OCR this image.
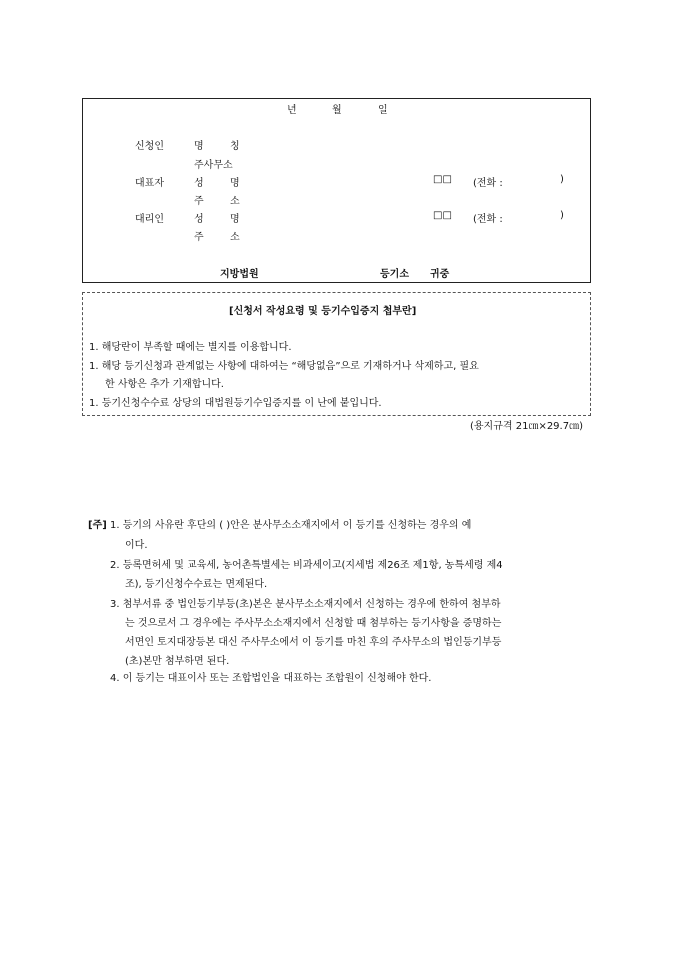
년	월	일
신청인	명	칭
주사무소
대표자	성	명	□□ (전화 :	)
주	소
대리인	성	명	□□ (전화 :	)
주	소
지방법원	등기소 귀중
[신청서 작성요령 및 등기수입증지 첩부란]
1. 해당란이 부족할 때에는 별지를 이용합니다.
1. 해당 등기신청과 관계없는 사항에 대하여는 “해당없음”으로 기재하거나 삭제하고, 필요
한 사항은 추가 기재합니다.
1. 등기신청수수료 상당의 대법원등기수입증지를 이 난에 붙입니다.
(용지규격 21㎝×29.7㎝)
[주] 1. 등기의 사유란 후단의 ( )안은 분사무소소재지에서 이 등기를 신청하는 경우의 예
이다.
2. 등록면허세 및 교육세, 농어촌특별세는 비과세이고(지세법 제26조 제1항, 농특세령 제4
조), 등기신청수수료는 면제된다.
3. 첨부서류 중 법인등기부등(초)본은 분사무소소재지에서 신청하는 경우에 한하여 첨부하
는 것으로서 그 경우에는 주사무소소재지에서 신청할 때 첨부하는 등기사항을 증명하는
서면인 토지대장등본 대신 주사무소에서 이 등기를 마친 후의 주사무소의 법인등기부등
(초)본만 첨부하면 된다.
4. 이 등기는 대표이사 또는 조합법인을 대표하는 조합원이 신청해야 한다.
